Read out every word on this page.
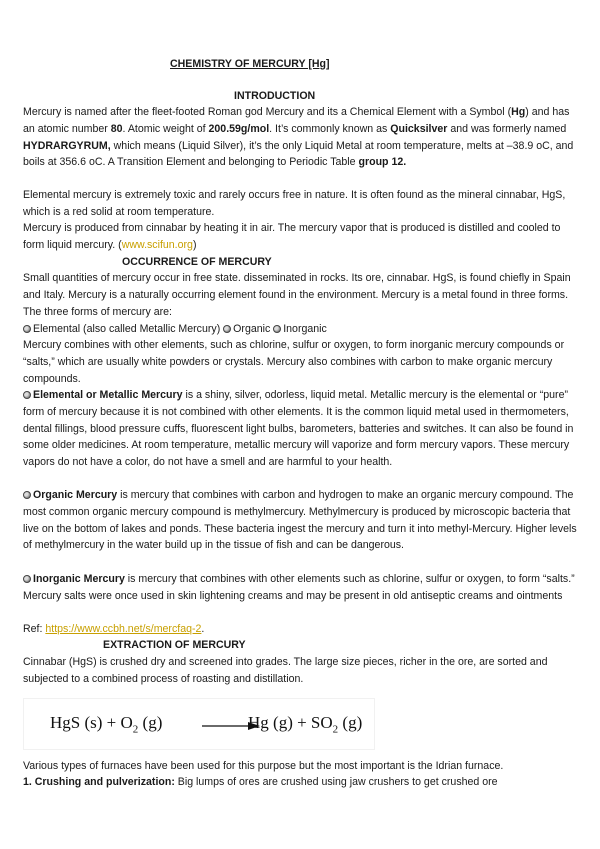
CHEMISTRY OF MERCURY [Hg]
INTRODUCTION

Mercury is named after the fleet-footed Roman god Mercury and its a Chemical Element with a Symbol (Hg) and has an atomic number 80. Atomic weight of 200.59g/mol. It’s commonly known as Quicksilver and was formerly named HYDRARGYRUM, which means (Liquid Silver), it’s the only Liquid Metal at room temperature, melts at –38.9 oC, and boils at 356.6 oC. A Transition Element and belonging to Periodic Table group 12.

Elemental mercury is extremely toxic and rarely occurs free in nature. It is often found as the mineral cinnabar, HgS, which is a red solid at room temperature.

Mercury is produced from cinnabar by heating it in air. The mercury vapor that is produced is distilled and cooled to form liquid mercury. (www.scifun.org)

OCCURRENCE OF MERCURY

Small quantities of mercury occur in free state. disseminated in rocks. Its ore, cinnabar. HgS, is found chiefly in Spain and Italy. Mercury is a naturally occurring element found in the environment. Mercury is a metal found in three forms. The three forms of mercury are:

Elemental (also called Metallic Mercury) Organic Inorganic

Mercury combines with other elements, such as chlorine, sulfur or oxygen, to form inorganic mercury compounds or “salts,” which are usually white powders or crystals. Mercury also combines with carbon to make organic mercury compounds.

Elemental or Metallic Mercury is a shiny, silver, odorless, liquid metal. Metallic mercury is the elemental or “pure” form of mercury because it is not combined with other elements. It is the common liquid metal used in thermometers, dental fillings, blood pressure cuffs, fluorescent light bulbs, barometers, batteries and switches. It can also be found in some older medicines. At room temperature, metallic mercury will vaporize and form mercury vapors. These mercury vapors do not have a color, do not have a smell and are harmful to your health.

Organic Mercury is mercury that combines with carbon and hydrogen to make an organic mercury compound. The most common organic mercury compound is methylmercury. Methylmercury is produced by microscopic bacteria that live on the bottom of lakes and ponds. These bacteria ingest the mercury and turn it into methyl-Mercury. Higher levels of methylmercury in the water build up in the tissue of fish and can be dangerous.

Inorganic Mercury is mercury that combines with other elements such as chlorine, sulfur or oxygen, to form “salts.” Mercury salts were once used in skin lightening creams and may be present in old antiseptic creams and ointments

Ref: https://www.ccbh.net/s/mercfaq-2.

EXTRACTION OF MERCURY

Cinnabar (HgS) is crushed dry and screened into grades. The large size pieces, richer in the ore, are sorted and subjected to a combined process of roasting and distillation.

HgS $(s) + O_2$ (g)	Hg $(g) + SO_2$ (g)

Various types of furnaces have been used for this purpose but the most important is the Idrian furnace.

1. Crushing and pulverization: Big lumps of ores are crushed using jaw crushers to get crushed ore
